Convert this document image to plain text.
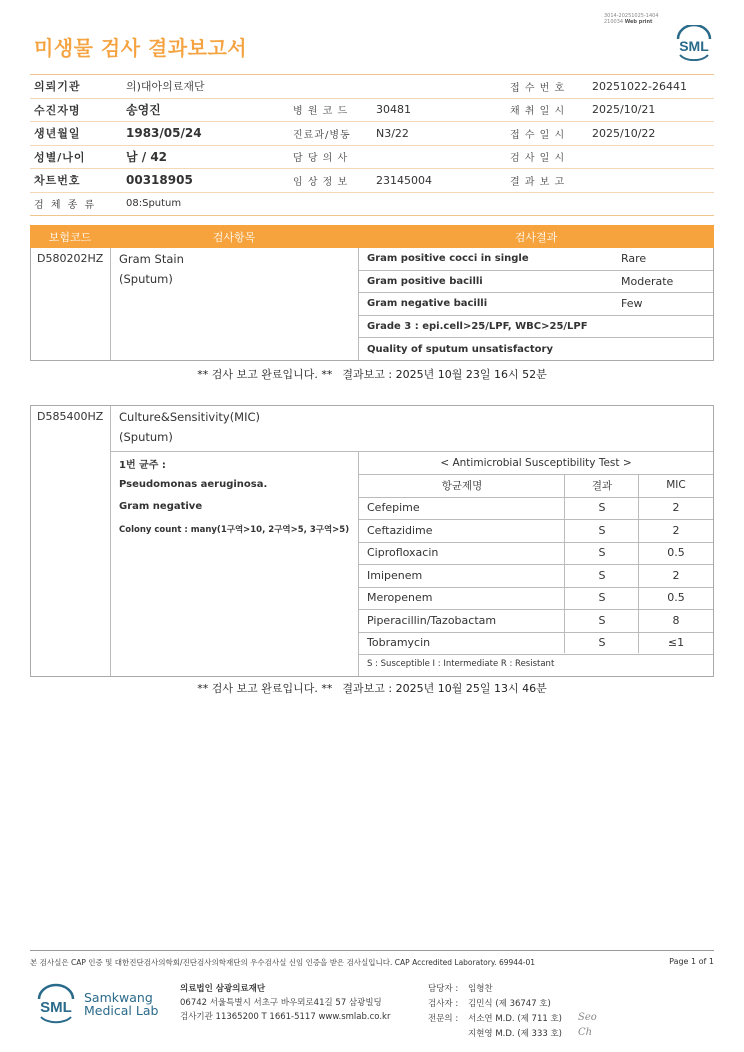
3014-20251025-1404
210034 Web print
미생물 검사 결과보고서	SML
의뢰기관	의)대아의료재단	접 수 번 호	20251022-26441
수진자명	송영진	병 원 코 드	30481	채 취 일 시	2025/10/21
생년월일	1983/05/24	진료과/병동	N3/22	접 수 일 시	2025/10/22
성별/나이	남 / 42	담 당 의 사	검 사 일 시
차트번호	00318905	임 상 정 보	23145004	결 과 보 고
검 체 종 류	08:Sputum
보험코드	검사항목	검사결과
D580202HZ Gram Stain
(Sputum)
Gram positive cocci in single	Rare
Gram positive bacilli	Moderate
Gram negative bacilli	Few
Grade 3 : epi.cell>25/LPF, WBC>25/LPF
Quality of sputum unsatisfactory
** 검사 보고 완료입니다. ** 결과보고 : 2025년 10월 23일 16시 52분
D585400HZ Culture&Sensitivity(MIC)
(Sputum)
1번 균주 :
Pseudomonas aeruginosa.
Gram negative
Colony count : many(1구역>10, 2구역>5, 3구역>5)
< Antimicrobial Susceptibility Test >
항균제명	결과	MIC
Cefepime	S	2
Ceftazidime	S	2
Ciprofloxacin	S	0.5
Imipenem	S	2
Meropenem	S	0.5
Piperacillin/Tazobactam	S	8
Tobramycin	S	≤1
S : Susceptible I : Intermediate R : Resistant
** 검사 보고 완료입니다. ** 결과보고 : 2025년 10월 25일 13시 46분
본 검사실은 CAP 인증 및 대한진단검사의학회/진단검사의학재단의 우수검사실 신임 인증을 받은 검사실입니다. CAP Accredited Laboratory. 69944-01	Page 1 of 1
SML
Samkwang
Medical Lab
의료법인 삼광의료재단
06742 서울특별시 서초구 바우뫼로41길 57 삼광빌딩
검사기관 11365200 T 1661-5117 www.smlab.co.kr
담당자 : 임형찬
검사자 : 김민식 (제 36747 호)
전문의 : 서소연 M.D. (제 711 호)
지현영 M.D. (제 333 호)
Seo
Ch
